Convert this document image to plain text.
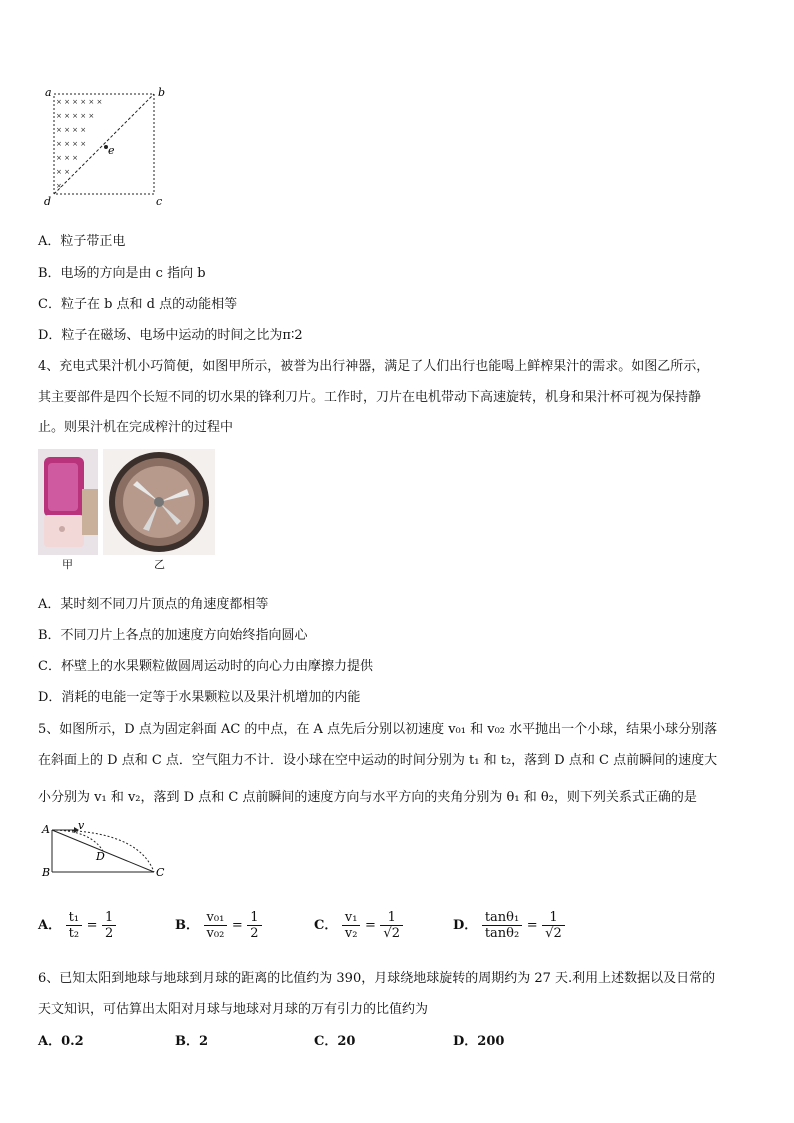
× × × × × ×
× × × × ×
× × × ×
× × × ×
× × ×
× ×
×
a	b
c
d
e
A．粒子带正电
B．电场的方向是由 c 指向 b
C．粒子在 b 点和 d 点的动能相等
D．粒子在磁场、电场中运动的时间之比为π∶2
4、充电式果汁机小巧简便，如图甲所示，被誉为出行神器，满足了人们出行也能喝上鲜榨果汁的需求。如图乙所示，
其主要部件是四个长短不同的切水果的锋利刀片。工作时，刀片在电机带动下高速旋转，机身和果汁杯可视为保持静
止。则果汁机在完成榨汁的过程中
甲	乙
A．某时刻不同刀片顶点的角速度都相等
B．不同刀片上各点的加速度方向始终指向圆心
C．杯壁上的水果颗粒做圆周运动时的向心力由摩擦力提供
D．消耗的电能一定等于水果颗粒以及果汁机增加的内能
5、如图所示，D 点为固定斜面 AC 的中点，在 A 点先后分别以初速度 v₀₁ 和 v₀₂ 水平抛出一个小球，结果小球分别落
在斜面上的 D 点和 C 点．空气阻力不计．设小球在空中运动的时间分别为 t₁ 和 t₂，落到 D 点和 C 点前瞬间的速度大
小分别为 v₁ 和 v₂，落到 D 点和 C 点前瞬间的速度方向与水平方向的夹角分别为 θ₁ 和 θ₂，则下列关系式正确的是
A
B	C
D
v
A． $\frac{\text{t₁}}{\text{t₂}} = \frac{1}{2}$	B． $\frac{\text{v₀₁}}{\text{v₀₂}} = \frac{1}{2}$	C． $\frac{\text{v₁}}{\text{v₂}} = \frac{1}{√2}$	D． $\frac{\text{tanθ₁}}{\text{tanθ₂}} = \frac{1}{√2}$
6、已知太阳到地球与地球到月球的距离的比值约为 390，月球绕地球旋转的周期约为 27 天.利用上述数据以及日常的
天文知识，可估算出太阳对月球与地球对月球的万有引力的比值约为
A．0.2	B．2	C．20	D．200
